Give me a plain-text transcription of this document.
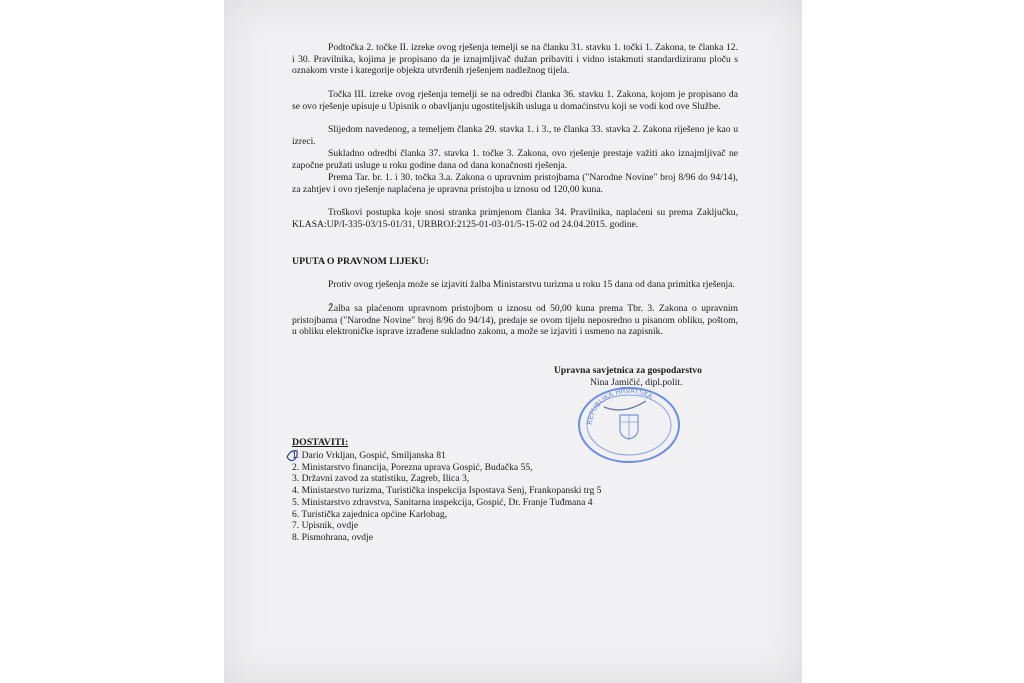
Podtočka 2. točke II. izreke ovog rješenja temelji se na članku 31. stavku 1. točki 1. Zakona, te članka 12. i 30. Pravilnika, kojima je propisano da je iznajmljivač dužan pribaviti i vidno istakmuti standardiziranu ploču s oznakom vrste i kategorije objekta utvrđenih rješenjem nadležnog tijela.

Točka III. izreke ovog rješenja temelji se na odredbi članka 36. stavku 1. Zakona, kojom je propisano da se ovo rješenje upisuje u Upisnik o obavljanju ugostiteljskih usluga u domaćinstvu koji se vodi kod ove Službe.

Slijedom navedenog, a temeljem članka 29. stavka 1. i 3., te članka 33. stavka 2. Zakona riješeno je kao u izreci.

Sukladno odredbi članka 37. stavka 1. točke 3. Zakona, ovo rješenje prestaje važiti ako iznajmljivač ne započne pružati usluge u roku godine dana od dana konačnosti rješenja.

Prema Tar. br. 1. i 30. točka 3.a. Zakona o upravnim pristojbama ("Narodne Novine" broj 8/96 do 94/14), za zahtjev i ovo rješenje naplaćena je upravna pristojba u iznosu od 120,00 kuna.

Troškovi postupka koje snosi stranka primjenom članka 34. Pravilnika, naplaćeni su prema Zaključku, KLASA:UP/I-335-03/15-01/31, URBROJ:2125-01-03-01/5-15-02 od 24.04.2015. godine.

UPUTA O PRAVNOM LIJEKU:

Protiv ovog rješenja može se izjaviti žalba Ministarstvu turizma u roku 15 dana od dana primitka rješenja.

Žalba sa plaćenom upravnom pristojbom u iznosu od 50,00 kuna prema Tbr. 3. Zakona o upravnim pristojbama ("Narodne Novine" broj 8/96 do 94/14), predaje se ovom tijelu neposredno u pisanom obliku, poštom, u obliku elektroničke isprave izrađene sukladno zakonu, a može se izjaviti i usmeno na zapisnik.

Upravna savjetnica za gospodarstvo

Nina Jamičić, dipl.polit.

REPUBLIKA HRVATSKA

DOSTAVITI:

1. Dario Vrkljan, Gospić, Smiljanska 81
2. Ministarstvo financija, Porezna uprava Gospić, Budačka 55,
3. Državni zavod za statistiku, Zagreb, Ilica 3,
4. Ministarstvo turizma, Turistička inspekcija Ispostava Senj, Frankopanski trg 5
5. Ministarstvo zdravstva, Sanitarna inspekcija, Gospić, Dr. Franje Tuđmana 4
6. Turistička zajednica općine Karlobag,
7. Upisnik, ovdje
8. Pismohrana, ovdje
